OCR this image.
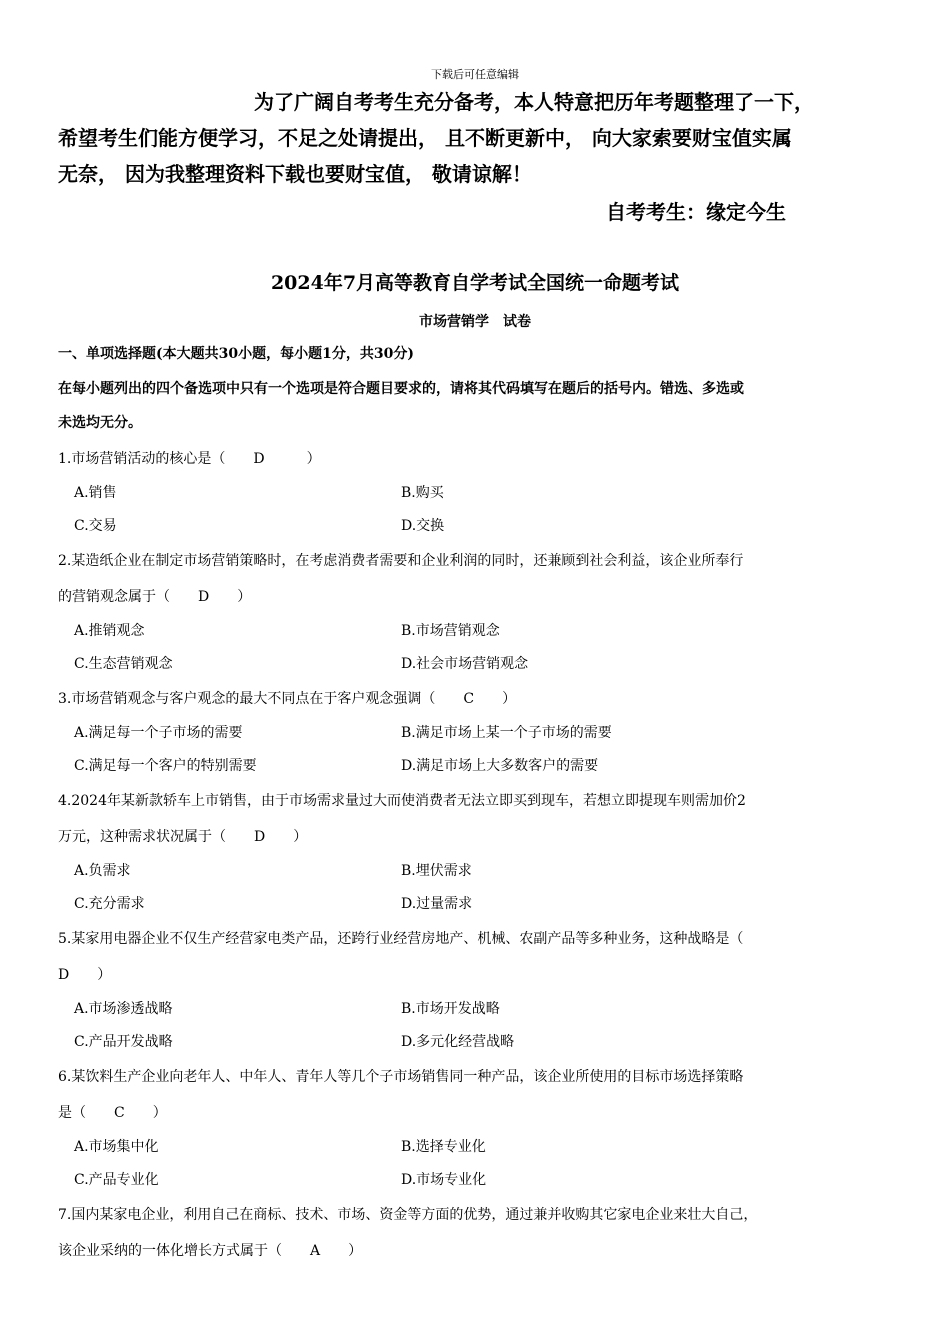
下载后可任意编辑
为了广阔自考考生充分备考，本人特意把历年考题整理了一下，
希望考生们能方便学习，不足之处请提出， 且不断更新中， 向大家索要财宝值实属
无奈， 因为我整理资料下载也要财宝值， 敬请谅解！
自考考生：缘定今生
2024年7月高等教育自学考试全国统一命题考试
市场营销学　试卷
一、单项选择题(本大题共30小题，每小题1分，共30分)
在每小题列出的四个备选项中只有一个选项是符合题目要求的，请将其代码填写在题后的括号内。错选、多选或
未选均无分。

1.市场营销活动的核心是（　　D　　　）

A.销售	B.购买
C.交易	D.交换

2.某造纸企业在制定市场营销策略时，在考虑消费者需要和企业利润的同时，还兼顾到社会利益，该企业所奉行

的营销观念属于（　　D　　）

A.推销观念	B.市场营销观念
C.生态营销观念	D.社会市场营销观念

3.市场营销观念与客户观念的最大不同点在于客户观念强调（　　C　　）

A.满足每一个子市场的需要	B.满足市场上某一个子市场的需要
C.满足每一个客户的特别需要	D.满足市场上大多数客户的需要

4.2024年某新款轿车上市销售，由于市场需求量过大而使消费者无法立即买到现车，若想立即提现车则需加价2

万元，这种需求状况属于（　　D　　）

A.负需求	B.埋伏需求
C.充分需求	D.过量需求

5.某家用电器企业不仅生产经营家电类产品，还跨行业经营房地产、机械、农副产品等多种业务，这种战略是（

D　　）

A.市场渗透战略	B.市场开发战略
C.产品开发战略	D.多元化经营战略

6.某饮料生产企业向老年人、中年人、青年人等几个子市场销售同一种产品，该企业所使用的目标市场选择策略

是（　　C　　）

A.市场集中化	B.选择专业化
C.产品专业化	D.市场专业化

7.国内某家电企业，利用自己在商标、技术、市场、资金等方面的优势，通过兼并收购其它家电企业来壮大自己，

该企业采纳的一体化增长方式属于（　　A　　）
